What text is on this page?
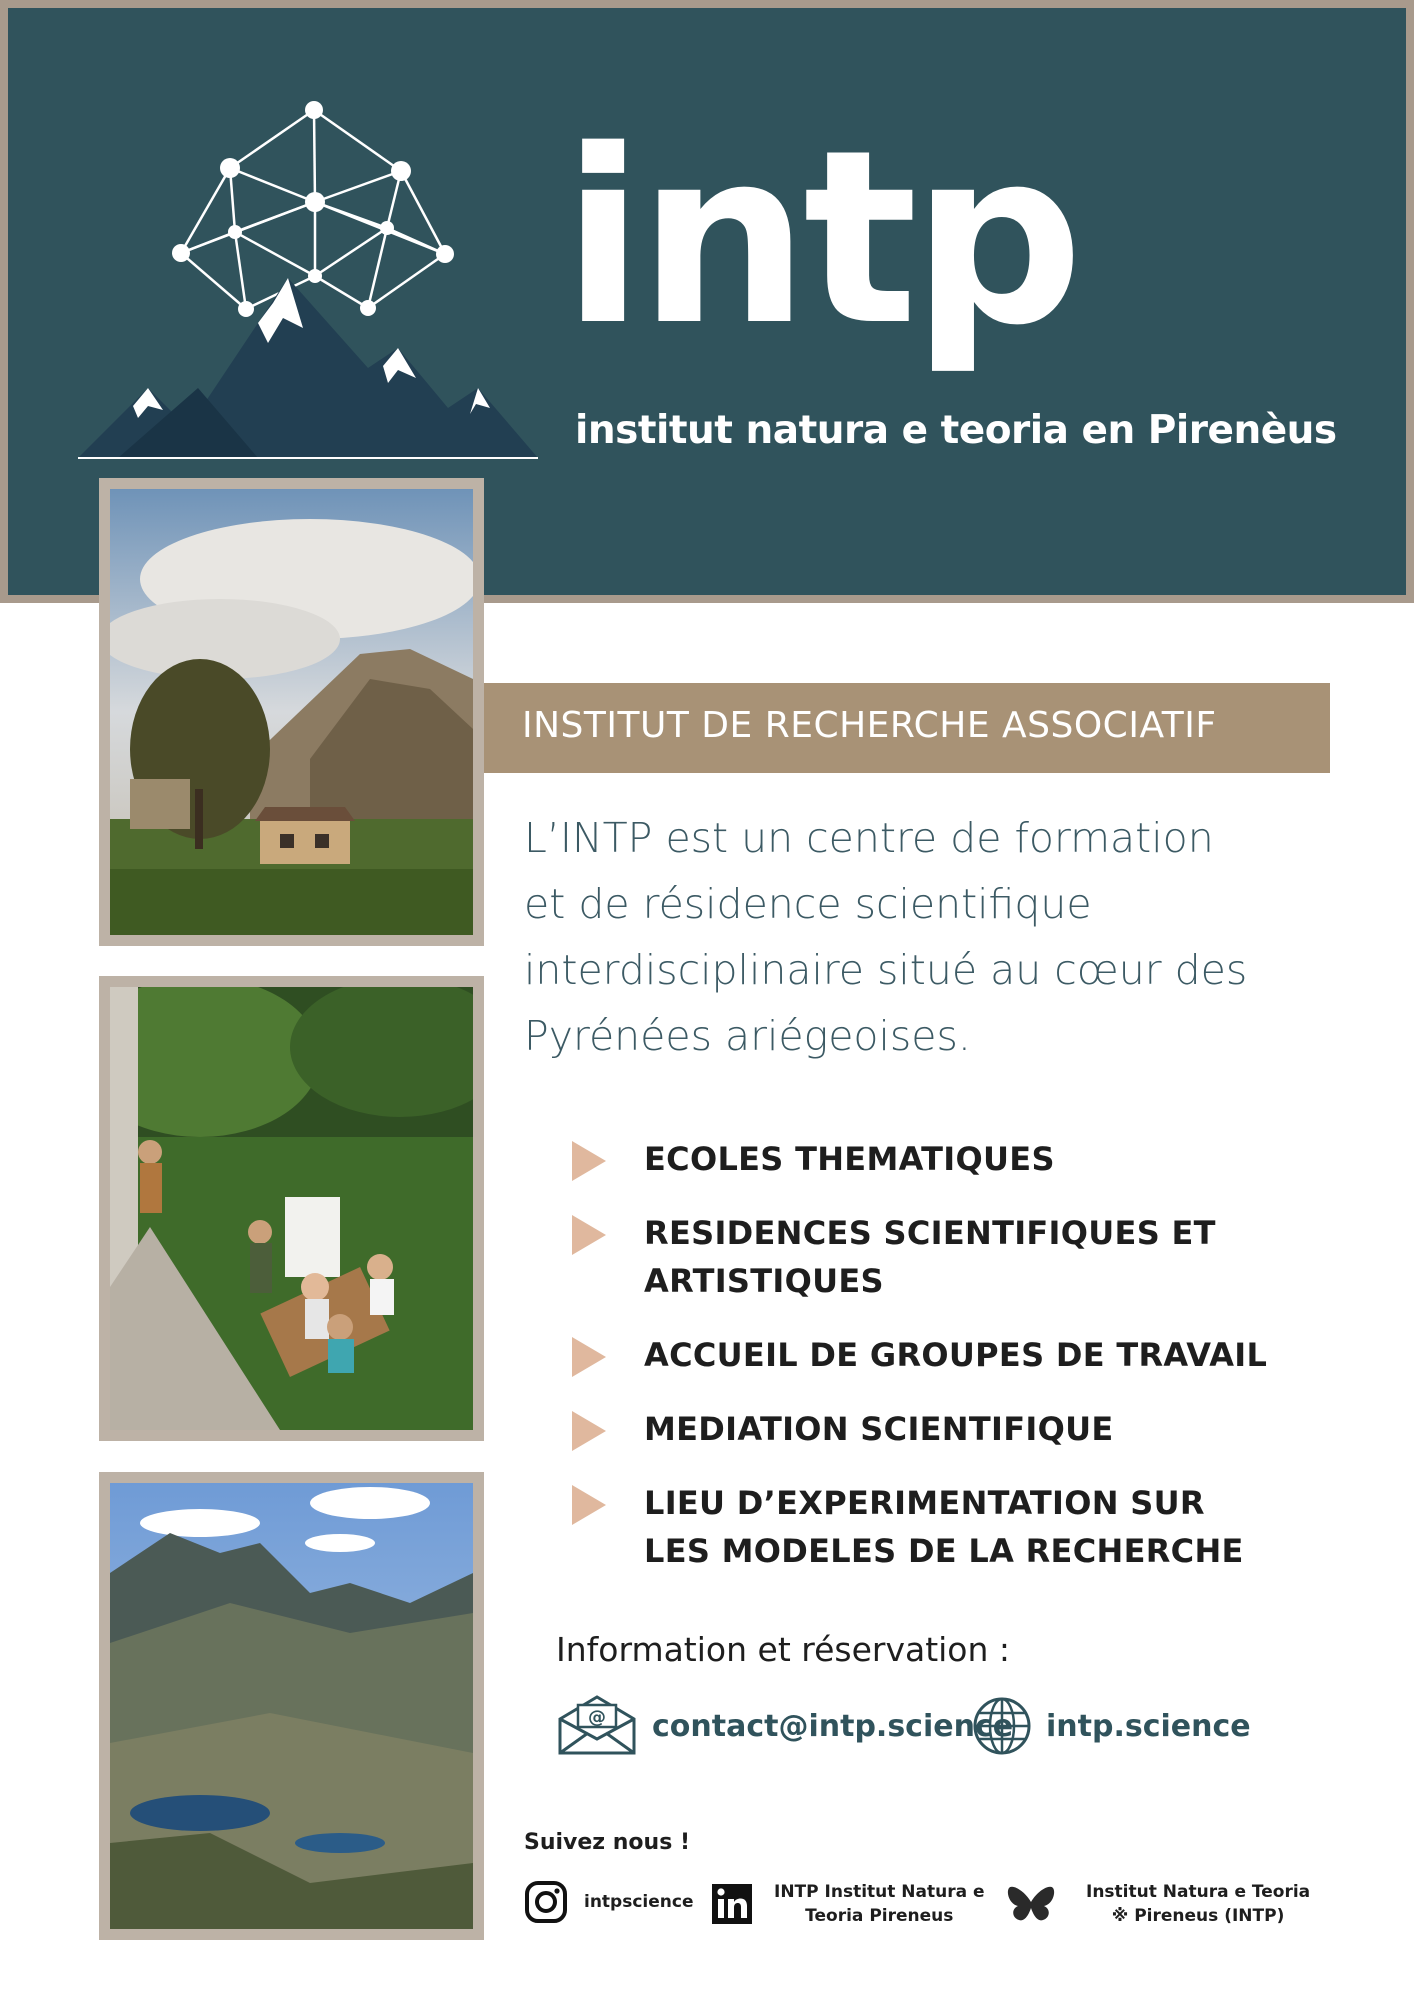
intp
institut natura e teoria en Pirenèus
INSTITUT DE RECHERCHE ASSOCIATIF
L’INTP est un centre de formation
et de résidence scientifique
interdisciplinaire situé au cœur des
Pyrénées ariégeoises.
ECOLES THEMATIQUES
RESIDENCES SCIENTIFIQUES ET
ARTISTIQUES
ACCUEIL DE GROUPES DE TRAVAIL
MEDIATION SCIENTIFIQUE
LIEU D’EXPERIMENTATION SUR
LES MODELES DE LA RECHERCHE
Information et réservation :
@ contact@intp.science intp.science
Suivez nous !
intpscience	INTP Institut Natura e
Teoria Pireneus
Institut Natura e Teoria
※ Pireneus (INTP)
